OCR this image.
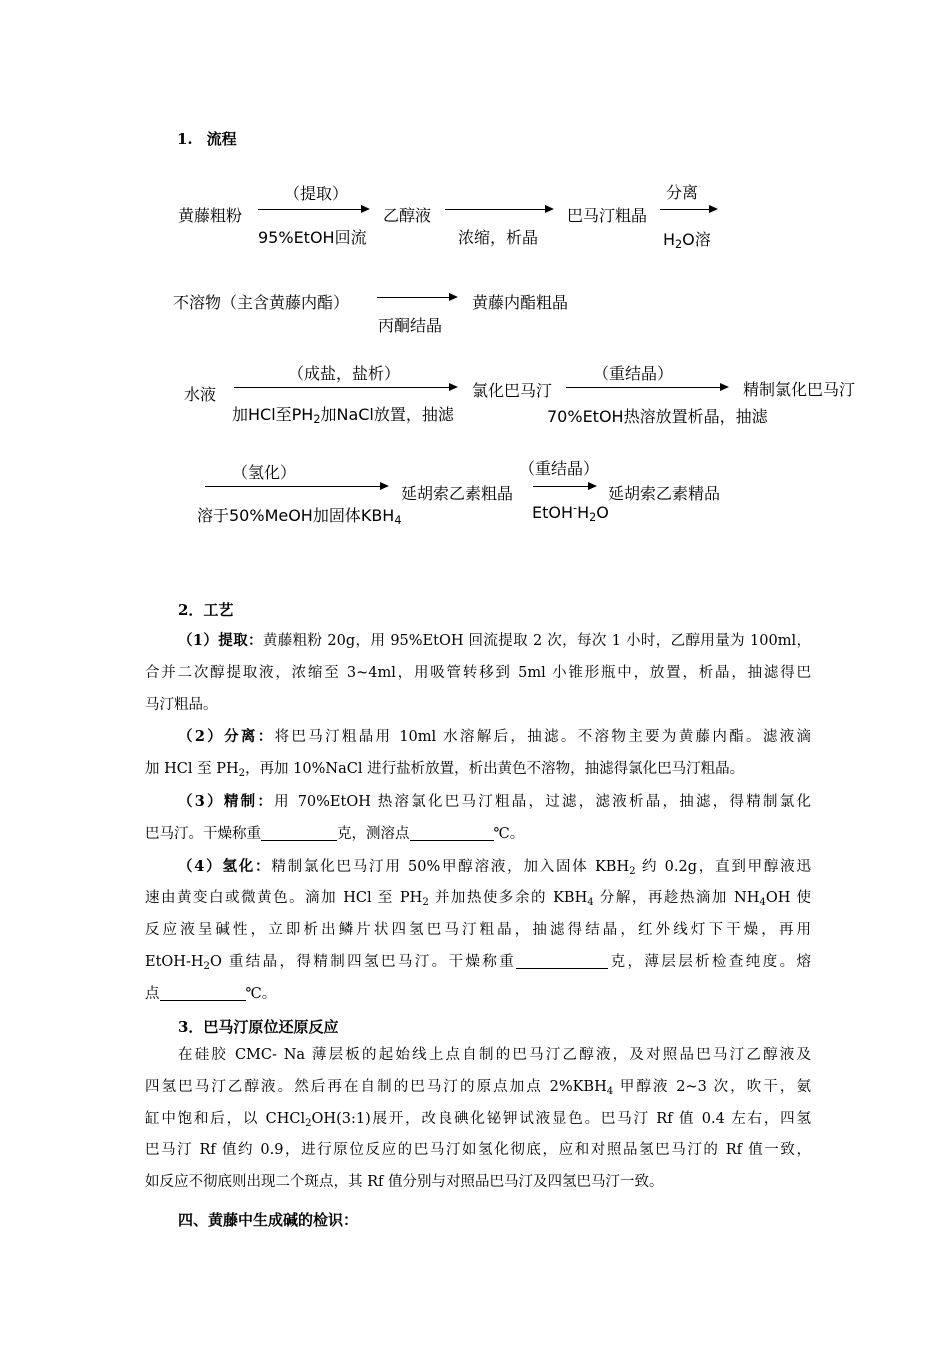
1. 流程
黄藤粗粉
（提取）
95%EtOH回流
乙醇液
浓缩，析晶
巴马汀粗晶
分离
$H_2O$溶
不溶物（主含黄藤内酯）
丙酮结晶
黄藤内酯粗晶
水液
（成盐，盐析）
加HCl至$PH_2$加NaCl放置，抽滤
氯化巴马汀
（重结晶）
70%EtOH热溶放置析晶，抽滤
精制氯化巴马汀
（氢化）
溶于50%MeOH加固体$KBH_4$
延胡索乙素粗晶
（重结晶）
$EtOH^-H_2O$
延胡索乙素精品
2．工艺

（1）提取：黄藤粗粉 20g，用 95%EtOH 回流提取 2 次，每次 1 小时，乙醇用量为 100ml，

合并二次醇提取液，浓缩至 3~4ml，用吸管转移到 5ml 小锥形瓶中，放置，析晶，抽滤得巴

马汀粗品。

（2）分离：将巴马汀粗晶用 10ml 水溶解后，抽滤。不溶物主要为黄藤内酯。滤液滴

加 HCl 至 $PH_2$，再加 10%NaCl 进行盐析放置，析出黄色不溶物，抽滤得氯化巴马汀粗晶。

（3）精制：用 70%EtOH 热溶氯化巴马汀粗晶，过滤，滤液析晶，抽滤，得精制氯化

巴马汀。干燥称重	克，测溶点	℃。

（4）氢化：精制氯化巴马汀用 50%甲醇溶液，加入固体 $KBH_2$ 约 0.2g，直到甲醇液迅

速由黄变白或微黄色。滴加 HCl 至 $PH_2$ 并加热使多余的 $KBH_4$ 分解，再趁热滴加 $NH_4OH$ 使

反应液呈碱性，立即析出鳞片状四氢巴马汀粗晶，抽滤得结晶，红外线灯下干燥，再用

EtOH-$H_2O$ 重结晶，得精制四氢巴马汀。干燥称重	克，薄层层析检查纯度。熔

点	℃。

3．巴马汀原位还原反应

在硅胶 CMC- Na 薄层板的起始线上点自制的巴马汀乙醇液，及对照品巴马汀乙醇液及

四氢巴马汀乙醇液。然后再在自制的巴马汀的原点加点 $2\%KBH_4$ 甲醇液 2~3 次，吹干，氨

缸中饱和后，以 CHCl$_2$OH(3:1)展开，改良碘化铋钾试液显色。巴马汀 Rf 值 0.4 左右，四氢

巴马汀 Rf 值约 0.9，进行原位反应的巴马汀如氢化彻底，应和对照品氢巴马汀的 Rf 值一致，

如反应不彻底则出现二个斑点，其 Rf 值分别与对照品巴马汀及四氢巴马汀一致。

四、黄藤中生成碱的检识：
